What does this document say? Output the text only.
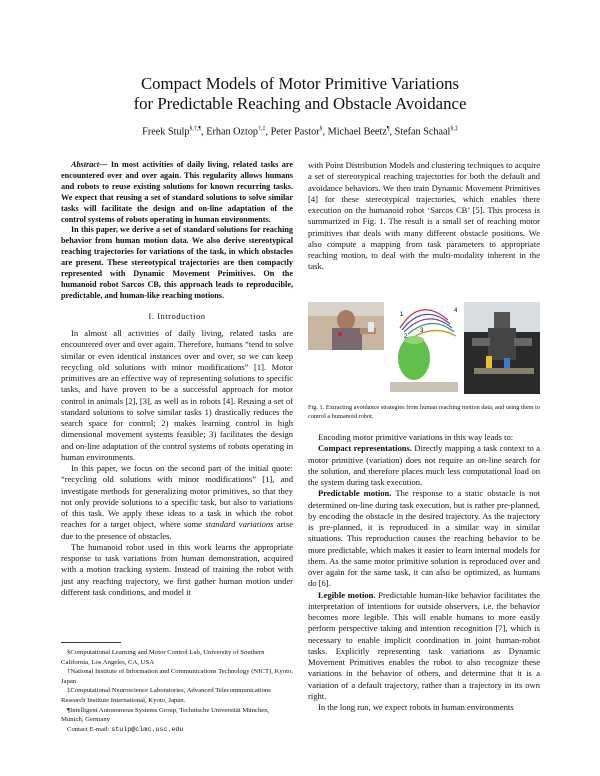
Compact Models of Motor Primitive Variations
for Predictable Reaching and Obstacle Avoidance
Freek Stulp§,†,¶, Erhan Oztop†,‡, Peter Pastor§, Michael Beetz¶, Stefan Schaal§,‡

Abstract— In most activities of daily living, related tasks are encountered over and over again. This regularity allows humans and robots to reuse existing solutions for known recurring tasks. We expect that reusing a set of standard solutions to solve similar tasks will facilitate the design and on-line adaptation of the control systems of robots operating in human environments.

In this paper, we derive a set of standard solutions for reaching behavior from human motion data. We also derive stereotypical reaching trajectories for variations of the task, in which obstacles are present. These stereotypical trajectories are then compactly represented with Dynamic Movement Primitives. On the humanoid robot Sarcos CB, this approach leads to reproducible, predictable, and human-like reaching motions.

I. Introduction

In almost all activities of daily living, related tasks are encountered over and over again. Therefore, humans “tend to solve similar or even identical instances over and over, so we can keep recycling old solutions with minor modifications” [1]. Motor primitives are an effective way of representing solutions to specific tasks, and have proven to be a successful approach for motor control in animals [2], [3], as well as in robots [4]. Reusing a set of standard solutions to solve similar tasks 1) drastically reduces the search space for control; 2) makes learning control in high dimensional movement systems feasible; 3) facilitates the design and on-line adaptation of the control systems of robots operating in human environments.

In this paper, we focus on the second part of the initial quote: “recycling old solutions with minor modifications” [1], and investigate methods for generalizing motor primitives, so that they not only provide solutions to a specific task, but also to variations of this task. We apply these ideas to a task in which the robot reaches for a target object, where some standard variations arise due to the presence of obstacles.

The humanoid robot used in this work learns the appropriate response to task variations from human demonstration, acquired with a motion tracking system. Instead of training the robot with just any reaching trajectory, we first gather human motion under different task conditions, and model it

§Computational Learning and Motor Control Lab, University of Southern California, Los Angeles, CA, USA

†National Institute of Information and Communications Technology (NICT), Kyoto, Japan

‡Computational Neuroscience Laboratories, Advanced Telecommunications Research Institute International, Kyoto, Japan.

¶Intelligent Autonomous Systems Group, Technische Universität München, Munich, Germany

Contact E-mail: stulp@clmc.usc.edu

with Point Distribution Models and clustering techniques to acquire a set of stereotypical reaching trajectories for both the default and avoidance behaviors. We then train Dynamic Movement Primitives [4] for these stereotypical trajectories, which enables there execution on the humanoid robot ‘Sarcos CB’ [5]. This process is summarized in Fig. 1. The result is a small set of reaching motor primitives that deals with many different obstacle positions. We also compute a mapping from task parameters to appropriate reaching motion, to deal with the multi-modality inherent in the task.

1
2
3
4
Fig. 1. Extracting avoidance strategies from human reaching motion data, and using them to control a humanoid robot.

Encoding motor primitive variations in this way leads to:

Compact representations. Directly mapping a task context to a motor primitive (variation) does not require an on-line search for the solution, and therefore places much less computational load on the system during task execution.

Predictable motion. The response to a static obstacle is not determined on-line during task execution, but is rather pre-planned, by encoding the obstacle in the desired trajectory. As the trajectory is pre-planned, it is reproduced in a similar way in similar situations. This reproduction causes the reaching behavior to be more predictable, which makes it easier to learn internal models for them. As the same motor primitive solution is reproduced over and over again for the same task, it can also be optimized, as humans do [6].

Legible motion. Predictable human-like behavior facilitates the interpretation of intentions for outside observers, i.e. the behavior becomes more legible. This will enable humans to more easily perform perspective taking and intention recognition [7], which is necessary to enable implicit coordination in joint human-robot tasks. Explicitly representing task variations as Dynamic Movement Primitives enables the robot to also recognize these variations in the behavior of others, and determine that it is a variation of a default trajectory, rather than a trajectory in its own right.

In the long run, we expect robots in human environments
